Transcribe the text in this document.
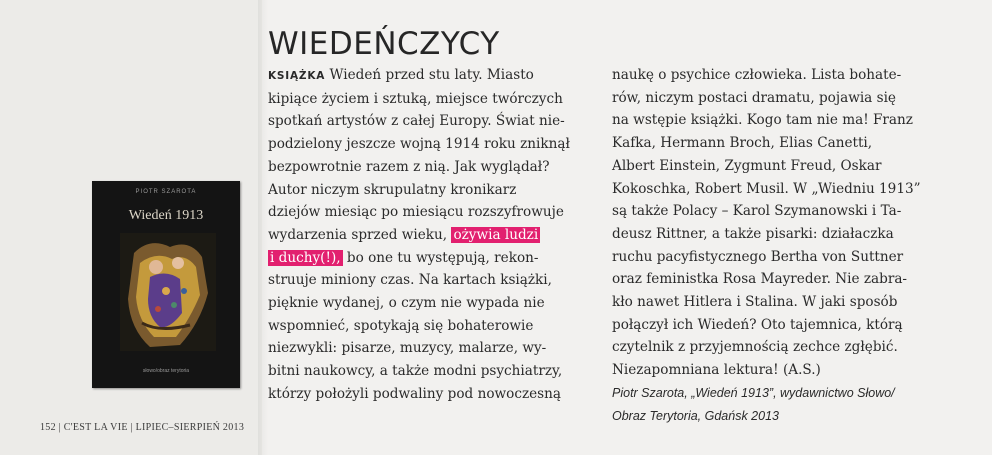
PIOTR SZAROTA
Wiedeń 1913
słowo/obraz terytoria
152 | C'EST LA VIE | LIPIEC–SIERPIEŃ 2013
WIEDEŃCZYCY
KSIĄŻKA Wiedeń przed stu laty. Miasto
kipiące życiem i sztuką, miejsce twórczych
spotkań artystów z całej Europy. Świat nie-
podzielony jeszcze wojną 1914 roku zniknął
bezpowrotnie razem z nią. Jak wyglądał?
Autor niczym skrupulatny kronikarz
dziejów miesiąc po miesiącu rozszyfrowuje
wydarzenia sprzed wieku, ożywia ludzi
i duchy(!), bo one tu występują, rekon-
struuje miniony czas. Na kartach książki,
pięknie wydanej, o czym nie wypada nie
wspomnieć, spotykają się bohaterowie
niezwykli: pisarze, muzycy, malarze, wy-
bitni naukowcy, a także modni psychiatrzy,
którzy położyli podwaliny pod nowoczesną
naukę o psychice człowieka. Lista bohate-
rów, niczym postaci dramatu, pojawia się
na wstępie książki. Kogo tam nie ma! Franz
Kafka, Hermann Broch, Elias Canetti,
Albert Einstein, Zygmunt Freud, Oskar
Kokoschka, Robert Musil. W „Wiedniu 1913”
są także Polacy – Karol Szymanowski i Ta-
deusz Rittner, a także pisarki: działaczka
ruchu pacyfistycznego Bertha von Suttner
oraz feministka Rosa Mayreder. Nie zabra-
kło nawet Hitlera i Stalina. W jaki sposób
połączył ich Wiedeń? Oto tajemnica, którą
czytelnik z przyjemnością zechce zgłębić.
Niezapomniana lektura! (A.S.)
Piotr Szarota, „Wiedeń 1913”, wydawnictwo Słowo/
Obraz Terytoria, Gdańsk 2013
